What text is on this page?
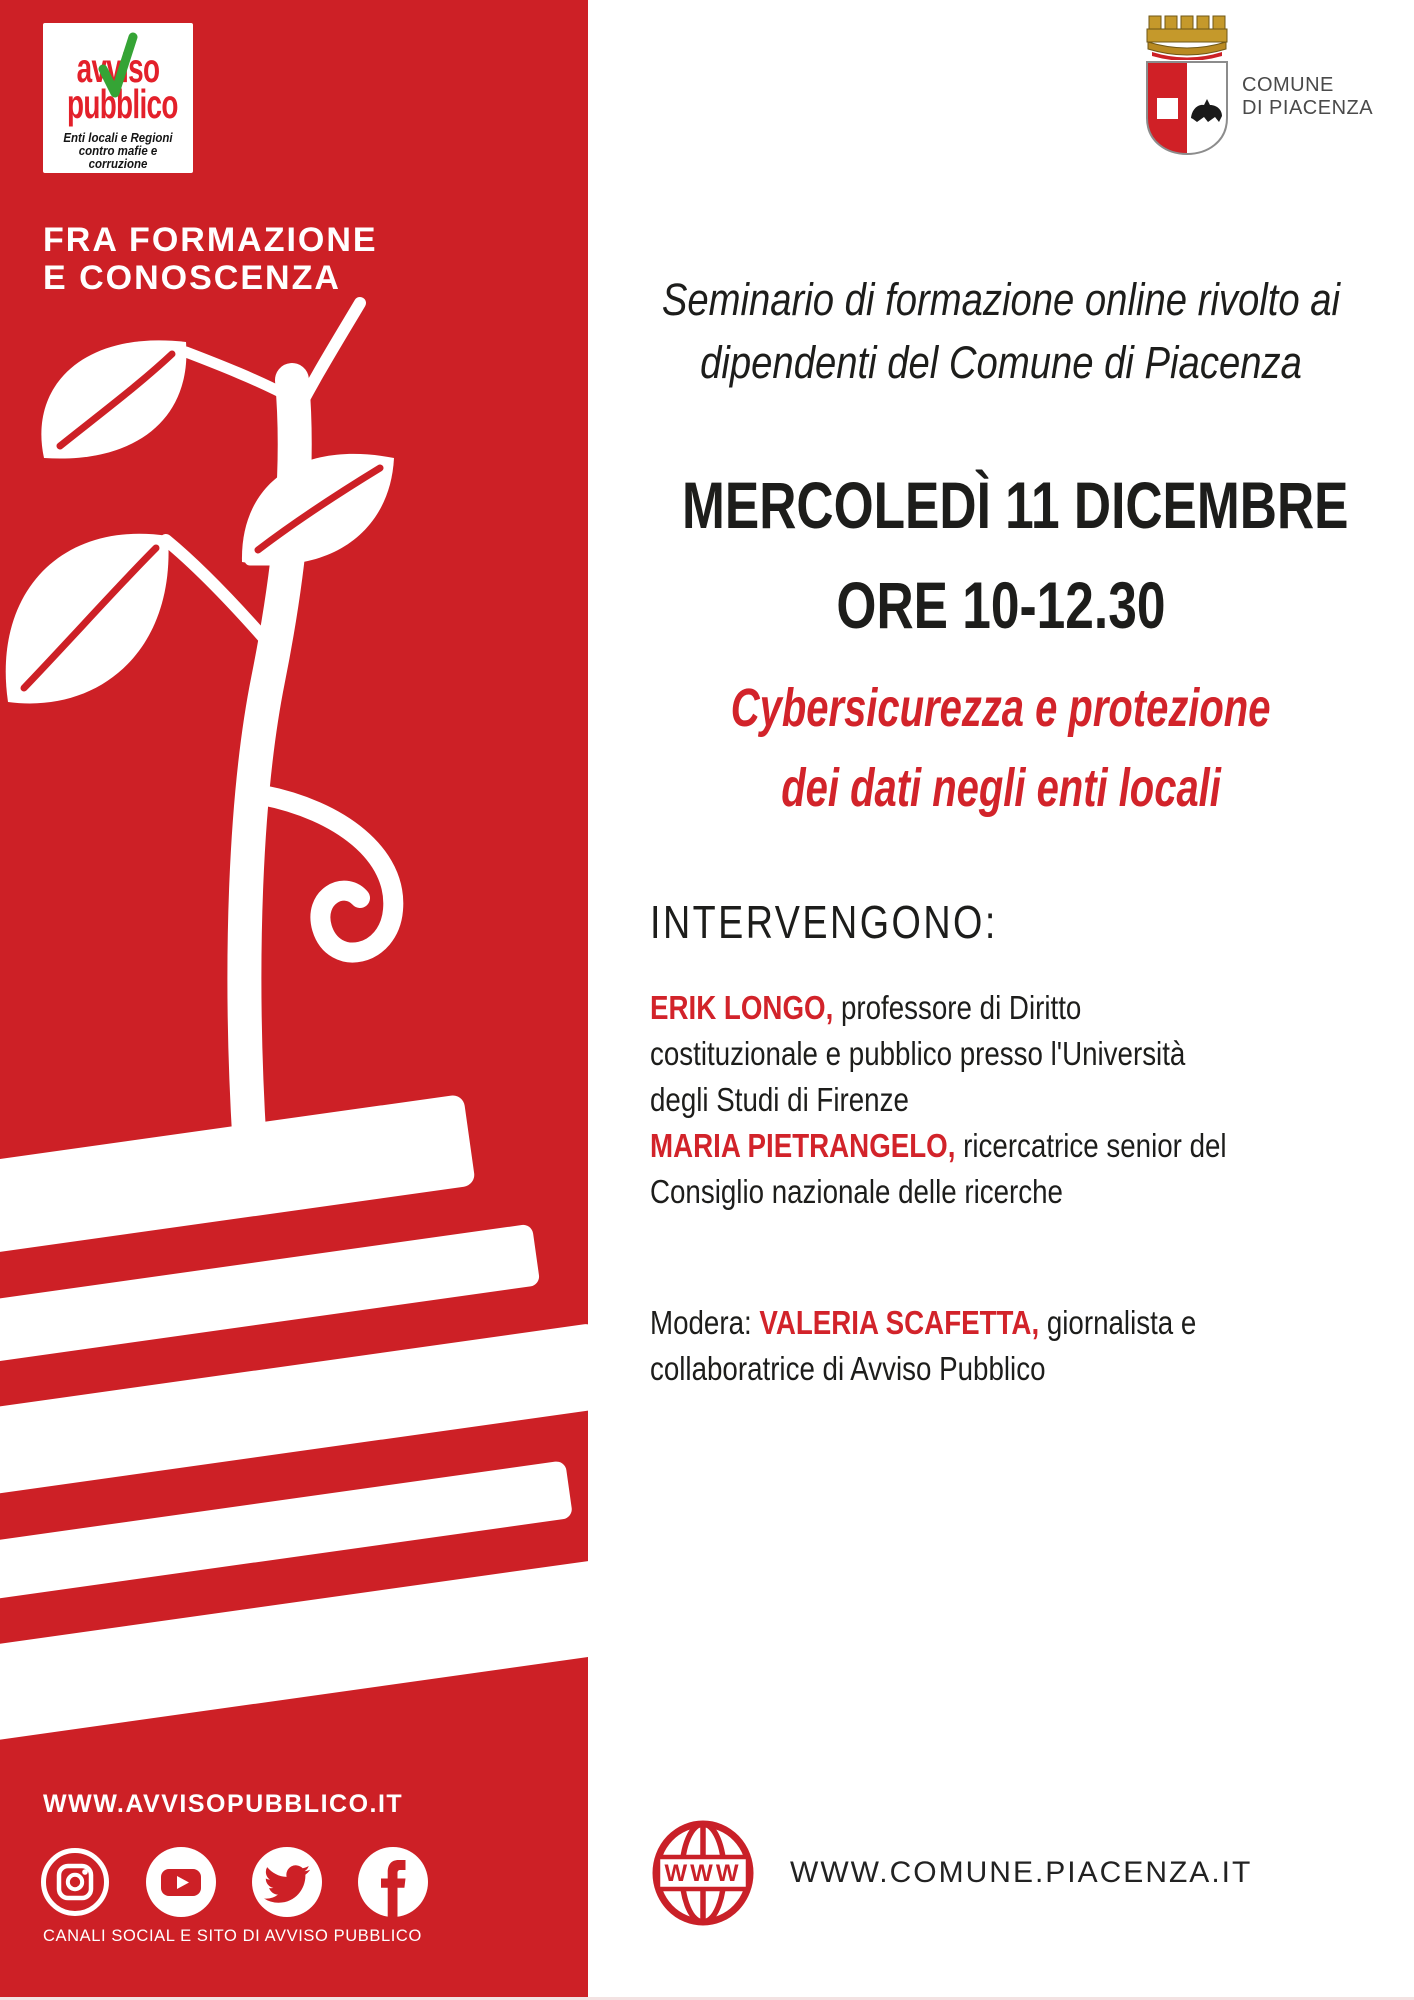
avviso
pubblico
Enti locali e Regioni
contro mafie e corruzione
FRA FORMAZIONE
E CONOSCENZA
WWW.AVVISOPUBBLICO.IT
CANALI SOCIAL E SITO DI AVVISO PUBBLICO
COMUNE
DI PIACENZA
Seminario di formazione online rivolto ai
dipendenti del Comune di Piacenza
MERCOLEDÌ 11 DICEMBRE
ORE 10-12.30
Cybersicurezza e protezione
dei dati negli enti locali
INTERVENGONO:

ERIK LONGO, professore di Diritto costituzionale e pubblico presso l'Università degli Studi di Firenze

MARIA PIETRANGELO, ricercatrice senior del Consiglio nazionale delle ricerche

Modera: VALERIA SCAFETTA, giornalista e collaboratrice di Avviso Pubblico

WWW WWW.COMUNE.PIACENZA.IT
